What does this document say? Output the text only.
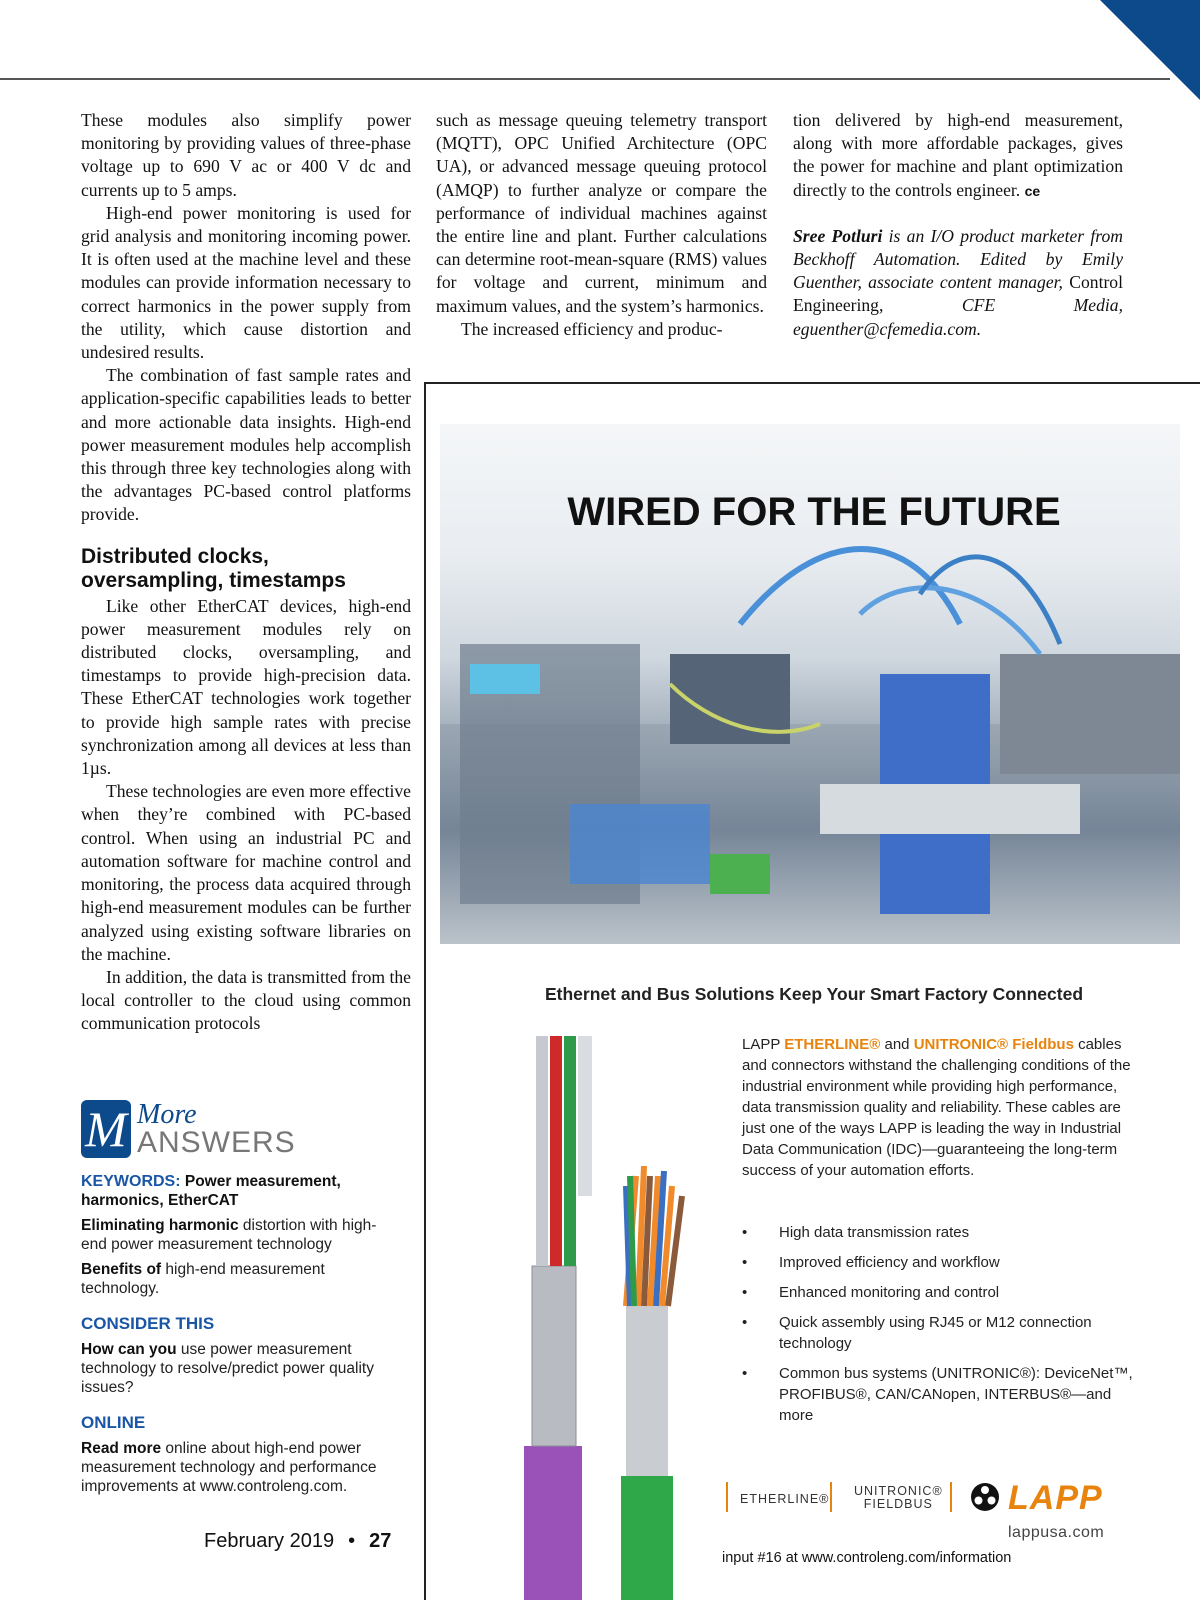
These modules also simplify power monitoring by providing values of three-phase voltage up to 690 V ac or 400 V dc and currents up to 5 amps.

High-end power monitoring is used for grid analysis and monitoring incoming power. It is often used at the machine level and these modules can provide information necessary to correct harmonics in the power supply from the utility, which cause distortion and undesired results.

The combination of fast sample rates and application-specific capabilities leads to better and more actionable data insights. High-end power measurement modules help accomplish this through three key technologies along with the advantages PC-based control platforms provide.

Distributed clocks, oversampling, timestamps

Like other EtherCAT devices, high-end power measurement modules rely on distributed clocks, oversampling, and timestamps to provide high-precision data. These EtherCAT technologies work together to provide high sample rates with precise synchronization among all devices at less than 1µs.

These technologies are even more effective when they’re combined with PC-based control. When using an industrial PC and automation software for machine control and monitoring, the process data acquired through high-end measurement modules can be further analyzed using existing software libraries on the machine.

In addition, the data is transmitted from the local controller to the cloud using common communication protocols

such as message queuing telemetry transport (MQTT), OPC Unified Architecture (OPC UA), or advanced message queuing protocol (AMQP) to further analyze or compare the performance of individual machines against the entire line and plant. Further calculations can determine root-mean-square (RMS) values for voltage and current, minimum and maximum values, and the system’s harmonics.

The increased efficiency and produc-

tion delivered by high-end measurement, along with more affordable packages, gives the power for machine and plant optimization directly to the controls engineer. ce

Sree Potluri is an I/O product marketer from Beckhoff Automation. Edited by Emily Guenther, associate content manager, Control Engineering, CFE Media, eguenther@cfemedia.com.

M More
ANSWERS
KEYWORDS: Power measurement, harmonics, EtherCAT

Eliminating harmonic distortion with high-end power measurement technology

Benefits of high-end measurement technology.

CONSIDER THIS

How can you use power measurement technology to resolve/predict power quality issues?

ONLINE

Read more online about high-end power measurement technology and performance improvements at www.controleng.com.

February 2019 • 27
WIRED FOR THE FUTURE
Ethernet and Bus Solutions Keep Your Smart Factory Connected
LAPP ETHERLINE® and UNITRONIC® Fieldbus cables and connectors withstand the challenging conditions of the industrial environment while providing high performance, data transmission quality and reliability. These cables are just one of the ways LAPP is leading the way in Industrial Data Communication (IDC)—guaranteeing the long-term success of your automation efforts.
• High data transmission rates
• Improved efficiency and workflow
• Enhanced monitoring and control
• Quick assembly using RJ45 or M12 connection technology
• Common bus systems (UNITRONIC®): DeviceNet™, PROFIBUS®, CAN/CANopen, INTERBUS®—and more
ETHERLINE®
UNITRONIC®
FIELDBUS LAPP
lappusa.com
input #16 at www.controleng.com/information
